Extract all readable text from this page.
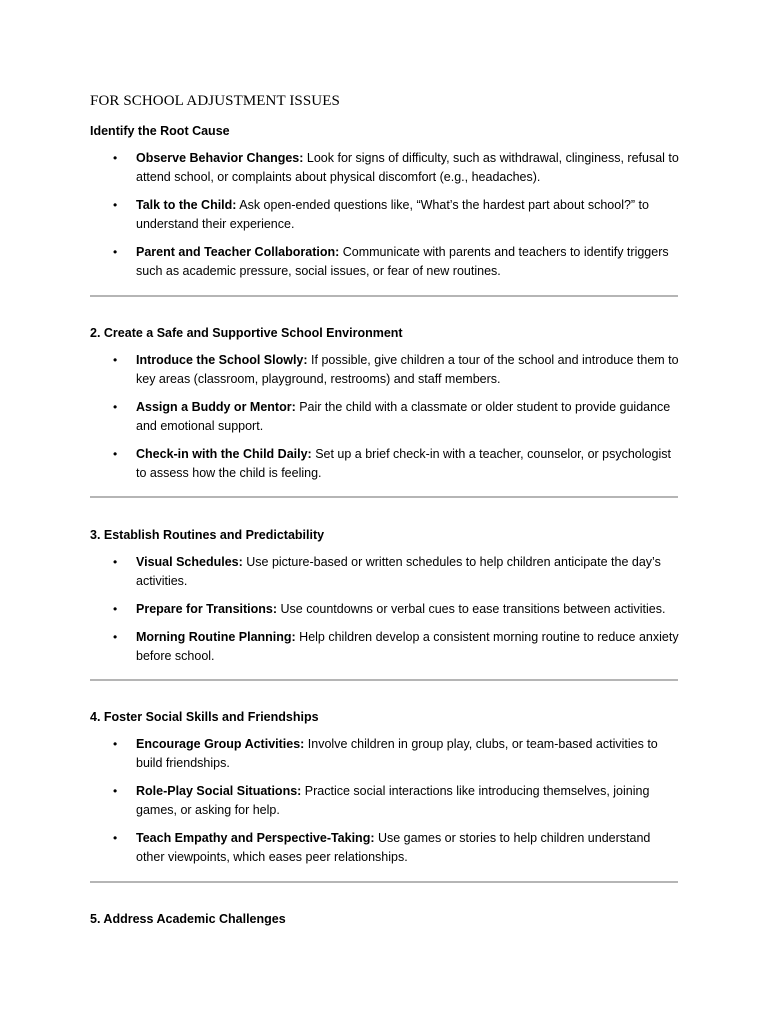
FOR SCHOOL ADJUSTMENT ISSUES

Identify the Root Cause

• Observe Behavior Changes: Look for signs of difficulty, such as withdrawal, clinginess, refusal to attend school, or complaints about physical discomfort (e.g., headaches).
• Talk to the Child: Ask open-ended questions like, “What’s the hardest part about school?” to understand their experience.
• Parent and Teacher Collaboration: Communicate with parents and teachers to identify triggers such as academic pressure, social issues, or fear of new routines.

2. Create a Safe and Supportive School Environment

• Introduce the School Slowly: If possible, give children a tour of the school and introduce them to key areas (classroom, playground, restrooms) and staff members.
• Assign a Buddy or Mentor: Pair the child with a classmate or older student to provide guidance and emotional support.
• Check-in with the Child Daily: Set up a brief check-in with a teacher, counselor, or psychologist to assess how the child is feeling.

3. Establish Routines and Predictability

• Visual Schedules: Use picture-based or written schedules to help children anticipate the day’s activities.
• Prepare for Transitions: Use countdowns or verbal cues to ease transitions between activities.
• Morning Routine Planning: Help children develop a consistent morning routine to reduce anxiety before school.

4. Foster Social Skills and Friendships

• Encourage Group Activities: Involve children in group play, clubs, or team-based activities to build friendships.
• Role-Play Social Situations: Practice social interactions like introducing themselves, joining games, or asking for help.
• Teach Empathy and Perspective-Taking: Use games or stories to help children understand other viewpoints, which eases peer relationships.

5. Address Academic Challenges
